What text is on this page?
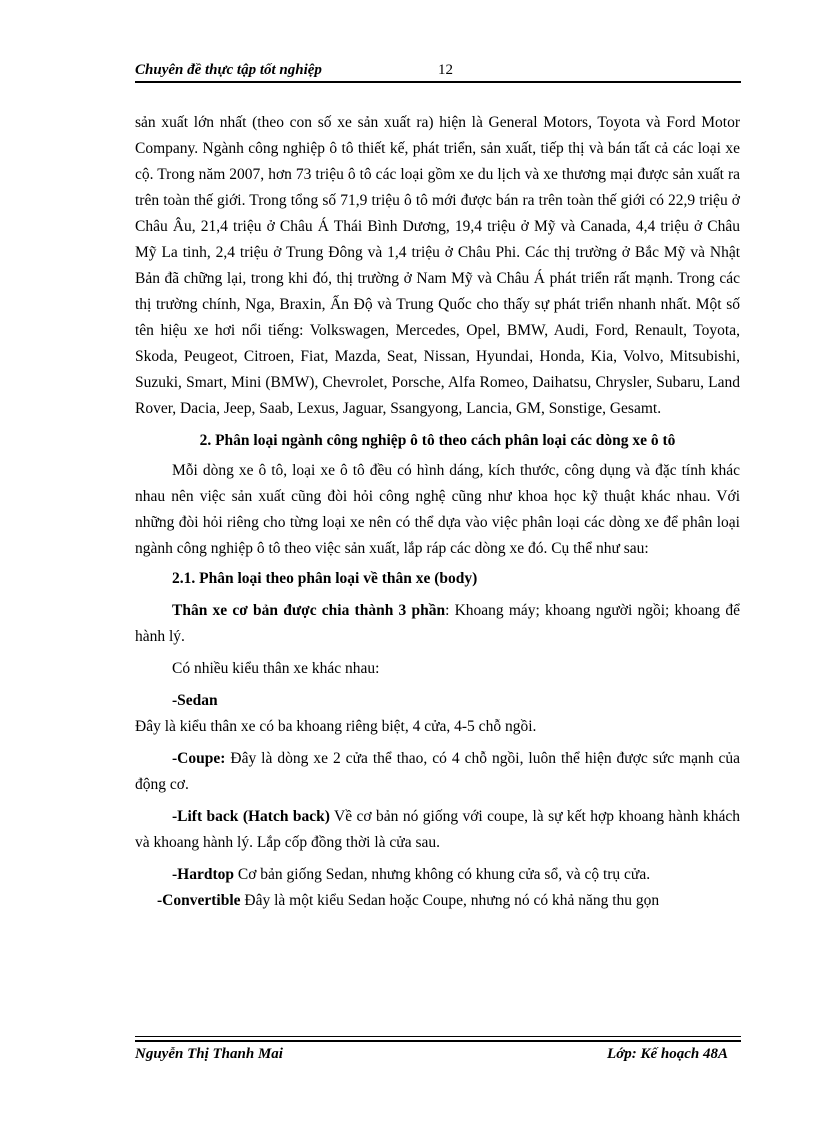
Chuyên đề thực tập tốt nghiệp	12

sản xuất lớn nhất (theo con số xe sản xuất ra) hiện là General Motors, Toyota và Ford Motor Company. Ngành công nghiệp ô tô thiết kế, phát triển, sản xuất, tiếp thị và bán tất cả các loại xe cộ. Trong năm 2007, hơn 73 triệu ô tô các loại gồm xe du lịch và xe thương mại được sản xuất ra trên toàn thế giới. Trong tổng số 71,9 triệu ô tô mới được bán ra trên toàn thế giới có 22,9 triệu ở Châu Âu, 21,4 triệu ở Châu Á Thái Bình Dương, 19,4 triệu ở Mỹ và Canada, 4,4 triệu ở Châu Mỹ La tinh, 2,4 triệu ở Trung Đông và 1,4 triệu ở Châu Phi. Các thị trường ở Bắc Mỹ và Nhật Bản đã chững lại, trong khi đó, thị trường ở Nam Mỹ và Châu Á phát triển rất mạnh. Trong các thị trường chính, Nga, Braxin, Ấn Độ và Trung Quốc cho thấy sự phát triển nhanh nhất. Một số tên hiệu xe hơi nổi tiếng: Volkswagen, Mercedes, Opel, BMW, Audi, Ford, Renault, Toyota, Skoda, Peugeot, Citroen, Fiat, Mazda, Seat, Nissan, Hyundai, Honda, Kia, Volvo, Mitsubishi, Suzuki, Smart, Mini (BMW), Chevrolet, Porsche, Alfa Romeo, Daihatsu, Chrysler, Subaru, Land Rover, Dacia, Jeep, Saab, Lexus, Jaguar, Ssangyong, Lancia, GM, Sonstige, Gesamt.

2. Phân loại ngành công nghiệp ô tô theo cách phân loại các dòng xe ô tô

Mỗi dòng xe ô tô, loại xe ô tô đều có hình dáng, kích thước, công dụng và đặc tính khác nhau nên việc sản xuất cũng đòi hỏi công nghệ cũng như khoa học kỹ thuật khác nhau. Với những đòi hỏi riêng cho từng loại xe nên có thể dựa vào việc phân loại các dòng xe để phân loại ngành công nghiệp ô tô theo việc sản xuất, lắp ráp các dòng xe đó. Cụ thể như sau:

2.1. Phân loại theo phân loại về thân xe (body)

Thân xe cơ bản được chia thành 3 phần: Khoang máy; khoang người ngồi; khoang để hành lý.

Có nhiều kiểu thân xe khác nhau:

-Sedan

Đây là kiểu thân xe có ba khoang riêng biệt, 4 cửa, 4-5 chỗ ngồi.

-Coupe: Đây là dòng xe 2 cửa thể thao, có 4 chỗ ngồi, luôn thể hiện được sức mạnh của động cơ.

-Lift back (Hatch back) Về cơ bản nó giống với coupe, là sự kết hợp khoang hành khách và khoang hành lý. Lắp cốp đồng thời là cửa sau.

-Hardtop Cơ bản giống Sedan, nhưng không có khung cửa sổ, và cộ trụ cửa.

-Convertible Đây là một kiểu Sedan hoặc Coupe, nhưng nó có khả năng thu gọn

Nguyễn Thị Thanh Mai	Lớp: Kế hoạch 48A
